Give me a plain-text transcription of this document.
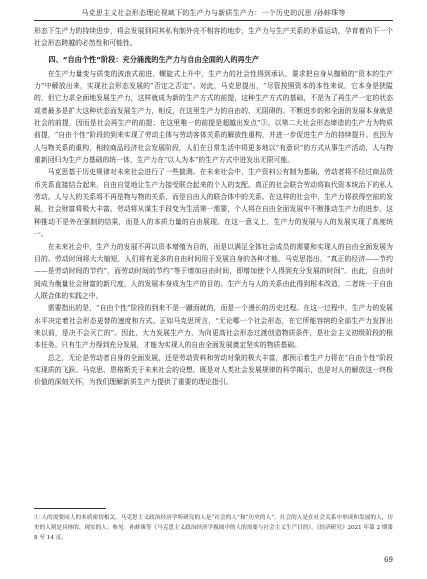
马克思主义社会形态理论视域下的生产力与新质生产力：一个历史的沉思 /孙蚌珠等

形态下生产力的持续进步，将会发展到同其私有制外壳不相容的地步，生产力与生产关系的矛盾运动，孕育着向下一个社会形态跨越的必然性和可能性。

四、“自由个性”阶段：充分涌流的生产力与自由全面的人的再生产

在生产力量变与质变的波浪式前进、螺旋式上升中，生产力的社会性得到承认，要求把自身从枷锁的“资本的生产力”中解放出来，实现社会形态发展的“否定之否定”。对此，马克思提出，“尽管按照资本的本性来说，它本身是狭隘的，但它力求全面地发展生产力，这样就成为新的生产方式的前提，这种生产方式的基础，不是为了再生产一定的状态或者最多是扩大这种状态而发展生产力，相反，在这里生产力的自由的、无阻碍的、不断进步的和全面的发展本身就是社会的前提，因而是社会再生产的前提；在这里唯一的前提是超越出发点”③。以第二大社会形态缔造的生产力为物质前提，“自由个性”阶段的到来实现了劳动主体与劳动客体关系的解放性重构，并进一步促进生产力的持续提升。也因为人与物关系的重构，相较商品经济社会发展阶段，人们在日常生活中将更多地以“有意识”的方式从事生产活动，人与物重新回归为生产力基础的统一体，生产力在“以人为本”的生产方式中迸发出无限可能。

马克思基于历史规律对未来社会进行了一些揣测。在未来社会中，生产资料公有制为基础，劳动者将不经过商品货币关系直接结合起来，自由自觉地让生产力接受联合起来的个人的支配。真正的社会联合劳动将取代资本统治下的私人劳动。人与人的关系将不再是物与物的关系，而是自由人的联合体中的关系。在这样的社会中，生产力将获得空前的发展，社会财富将极大丰富，劳动将从谋生手段变为生活第一需要，个人将在自由全面发展中不断推动生产力的进步。这种推动不是外在强制的结果，而是人的本质力量的自由展现。在这一意义上，生产力的发展与人的发展实现了高度统一。

在未来社会中，生产力的发展不再以资本增殖为目的，而是以满足全体社会成员的需要和实现人的自由全面发展为目的。劳动时间将大大缩短，人们将有更多的自由时间用于发展自身的各种才能。马克思指出，“真正的经济——节约——是劳动时间的节约”，而劳动时间的节约“等于增加自由时间，即增加使个人得到充分发展的时间”。由此，自由时间成为衡量社会财富的新尺度，人的发展本身成为生产的目的。生产力与人的关系由此得到根本改造，二者统一于自由人联合体的实践之中。

需要指出的是，“自由个性”阶段的到来不是一蹴而就的，而是一个漫长的历史过程。在这一过程中，生产力的发展水平决定着社会形态更替的速度和方式。正如马克思所言，“无论哪一个社会形态，在它所能容纳的全部生产力发挥出来以前，是决不会灭亡的”。因此，大力发展生产力，为向更高社会形态过渡创造物质条件，是社会主义初级阶段的根本任务。只有生产力得到充分发展，才能为实现人的自由全面发展奠定坚实的物质基础。

总之，无论是劳动者自身的全面发展，还是劳动资料和劳动对象的极大丰富，都预示着生产力将在“自由个性”阶段实现质的飞跃。马克思、恩格斯关于未来社会的设想，既是对人类社会发展规律的科学揭示，也是对人的解放这一终极价值的深刻关怀，为我们理解新质生产力提供了重要的理论指引。

① 人的需要同人的本质密切相关。马克思主义政治经济学所研究的人是“社会的人”和“历史的人”。社会的人是在社会关系中形成和发展的人，历史的人则是具体的、现实的人。参见：孙蚌珠等《马克思主义政治经济学视域中的人的需要与社会主义生产目的》，《经济研究》2021 年第 2 期第 8 至 14 页。
69
